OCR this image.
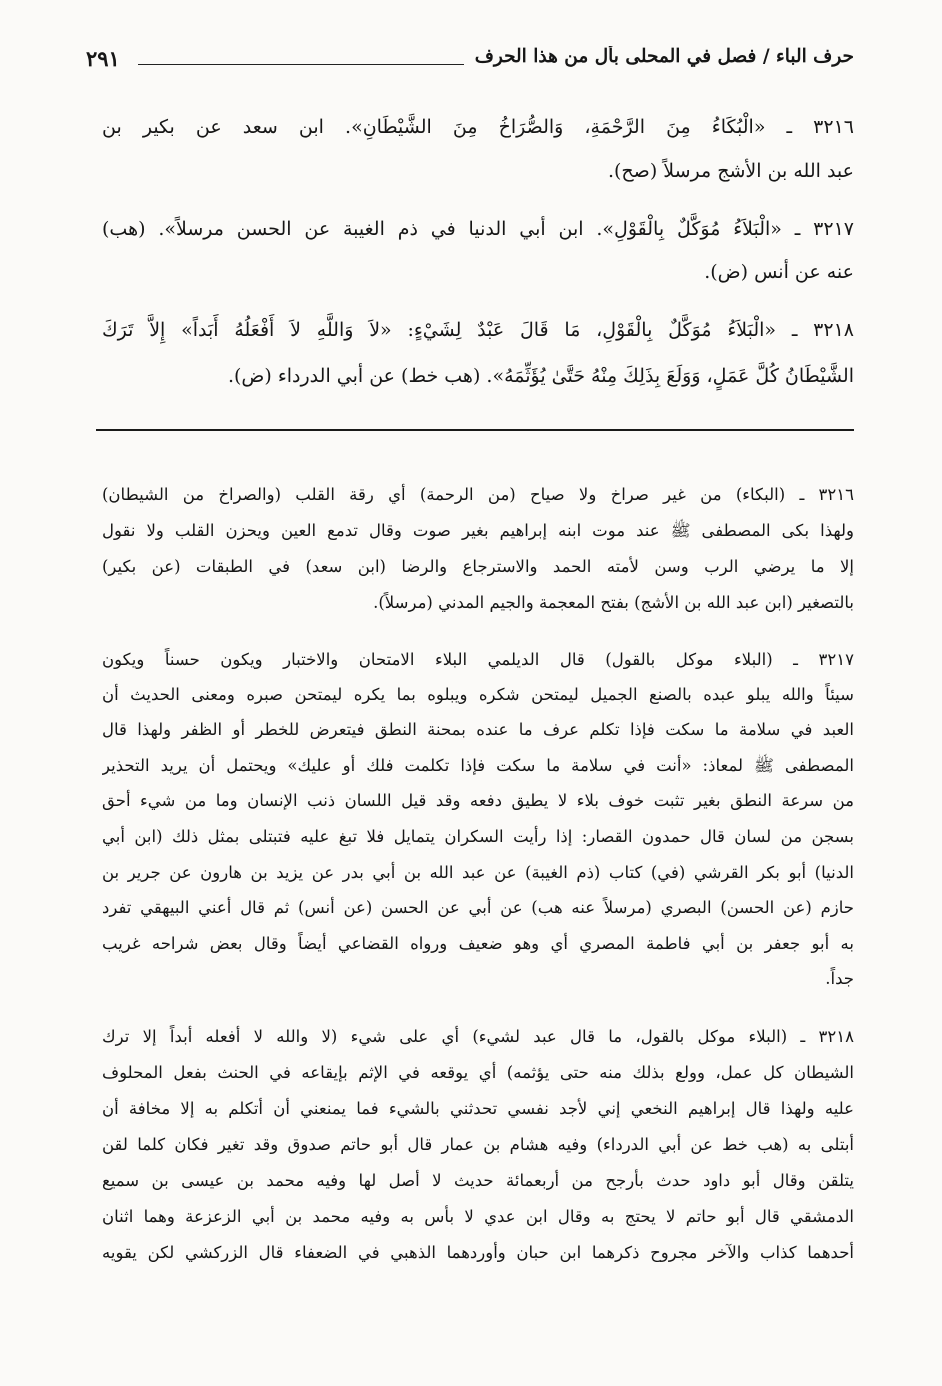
حرف الباء / فصل في المحلى بأل من هذا الحرف
٢٩١
٣٢١٦ ـ «الْبُكَاءُ مِنَ الرَّحْمَةِ، وَالصُّرَاخُ مِنَ الشَّيْطَانِ». ابن سعد عن بكير بن
عبد الله بن الأشج مرسلاً (صح).
٣٢١٧ ـ «الْبَلاَءُ مُوَكَّلٌ بِالْقَوْلِ». ابن أبي الدنيا في ذم الغيبة عن الحسن مرسلاً». (هب)
عنه عن أنس (ض).
٣٢١٨ ـ «الْبَلاَءُ مُوَكَّلٌ بِالْقَوْلِ، مَا قَالَ عَبْدٌ لِشَيْءٍ: «لاَ وَاللَّهِ لاَ أَفْعَلُهُ أَبَداً» إِلاَّ تَرَكَ
الشَّيْطَانُ كُلَّ عَمَلٍ، وَوَلَعَ بِذَلِكَ مِنْهُ حَتَّىٰ يُؤَثِّمَهُ». (هب خط) عن أبي الدرداء (ض).
٣٢١٦ ـ (البكاء) من غير صراخ ولا صياح (من الرحمة) أي رقة القلب (والصراخ من الشيطان)
ولهذا بكى المصطفى ﷺ عند موت ابنه إبراهيم بغير صوت وقال تدمع العين ويحزن القلب ولا نقول
إلا ما يرضي الرب وسن لأمته الحمد والاسترجاع والرضا (ابن سعد) في الطبقات (عن بكير)
بالتصغير (ابن عبد الله بن الأشج) بفتح المعجمة والجيم المدني (مرسلاً).
٣٢١٧ ـ (البلاء موكل بالقول) قال الديلمي البلاء الامتحان والاختبار ويكون حسناً ويكون
سيئاً والله يبلو عبده بالصنع الجميل ليمتحن شكره ويبلوه بما يكره ليمتحن صبره ومعنى الحديث أن
العبد في سلامة ما سكت فإذا تكلم عرف ما عنده بمحنة النطق فيتعرض للخطر أو الظفر ولهذا قال
المصطفى ﷺ لمعاذ: «أنت في سلامة ما سكت فإذا تكلمت فلك أو عليك» ويحتمل أن يريد التحذير
من سرعة النطق بغير تثبت خوف بلاء لا يطيق دفعه وقد قيل اللسان ذنب الإنسان وما من شيء أحق
بسجن من لسان قال حمدون القصار: إذا رأيت السكران يتمايل فلا تبغ عليه فتبتلى بمثل ذلك (ابن أبي
الدنيا) أبو بكر القرشي (في) كتاب (ذم الغيبة) عن عبد الله بن أبي بدر عن يزيد بن هارون عن جرير بن
حازم (عن الحسن) البصري (مرسلاً عنه هب) عن أبي عن الحسن (عن أنس) ثم قال أعني البيهقي تفرد
به أبو جعفر بن أبي فاطمة المصري أي وهو ضعيف ورواه القضاعي أيضاً وقال بعض شراحه غريب
جداً.
٣٢١٨ ـ (البلاء موكل بالقول، ما قال عبد لشيء) أي على شيء (لا والله لا أفعله أبداً إلا ترك
الشيطان كل عمل، وولع بذلك منه حتى يؤثمه) أي يوقعه في الإثم بإيقاعه في الحنث بفعل المحلوف
عليه ولهذا قال إبراهيم النخعي إني لأجد نفسي تحدثني بالشيء فما يمنعني أن أتكلم به إلا مخافة أن
أبتلى به (هب خط عن أبي الدرداء) وفيه هشام بن عمار قال أبو حاتم صدوق وقد تغير فكان كلما لقن
يتلقن وقال أبو داود حدث بأرجح من أربعمائة حديث لا أصل لها وفيه محمد بن عيسى بن سميع
الدمشقي قال أبو حاتم لا يحتج به وقال ابن عدي لا بأس به وفيه محمد بن أبي الزعزعة وهما اثنان
أحدهما كذاب والآخر مجروح ذكرهما ابن حبان وأوردهما الذهبي في الضعفاء قال الزركشي لكن يقويه
